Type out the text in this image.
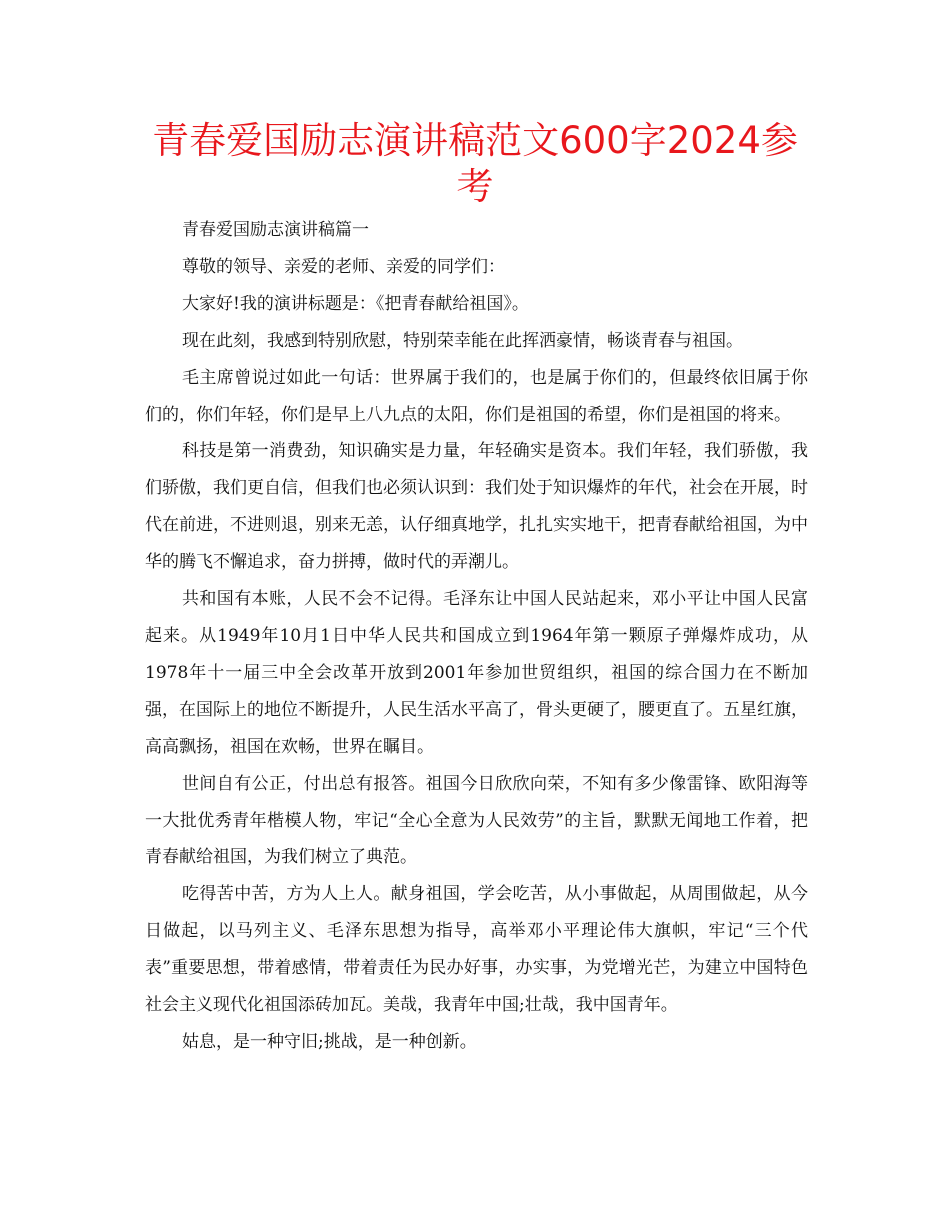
青春爱国励志演讲稿范文600字2024参考

青春爱国励志演讲稿篇一

尊敬的领导、亲爱的老师、亲爱的同学们：

大家好!我的演讲标题是：《把青春献给祖国》。

现在此刻，我感到特别欣慰，特别荣幸能在此挥洒豪情，畅谈青春与祖国。

毛主席曾说过如此一句话：世界属于我们的，也是属于你们的，但最终依旧属于你们的，你们年轻，你们是早上八九点的太阳，你们是祖国的希望，你们是祖国的将来。

科技是第一消费劲，知识确实是力量，年轻确实是资本。我们年轻，我们骄傲，我们骄傲，我们更自信，但我们也必须认识到：我们处于知识爆炸的年代，社会在开展，时代在前进，不进则退，别来无恙，认仔细真地学，扎扎实实地干，把青春献给祖国，为中华的腾飞不懈追求，奋力拼搏，做时代的弄潮儿。

共和国有本账，人民不会不记得。毛泽东让中国人民站起来，邓小平让中国人民富起来。从1949年10月1日中华人民共和国成立到1964年第一颗原子弹爆炸成功，从1978年十一届三中全会改革开放到2001年参加世贸组织，祖国的综合国力在不断加强，在国际上的地位不断提升，人民生活水平高了，骨头更硬了，腰更直了。五星红旗，高高飘扬，祖国在欢畅，世界在瞩目。

世间自有公正，付出总有报答。祖国今日欣欣向荣，不知有多少像雷锋、欧阳海等一大批优秀青年楷模人物，牢记“全心全意为人民效劳”的主旨，默默无闻地工作着，把青春献给祖国，为我们树立了典范。

吃得苦中苦，方为人上人。献身祖国，学会吃苦，从小事做起，从周围做起，从今日做起，以马列主义、毛泽东思想为指导，高举邓小平理论伟大旗帜，牢记“三个代表”重要思想，带着感情，带着责任为民办好事，办实事，为党增光芒，为建立中国特色社会主义现代化祖国添砖加瓦。美哉，我青年中国;壮哉，我中国青年。

姑息，是一种守旧;挑战，是一种创新。
